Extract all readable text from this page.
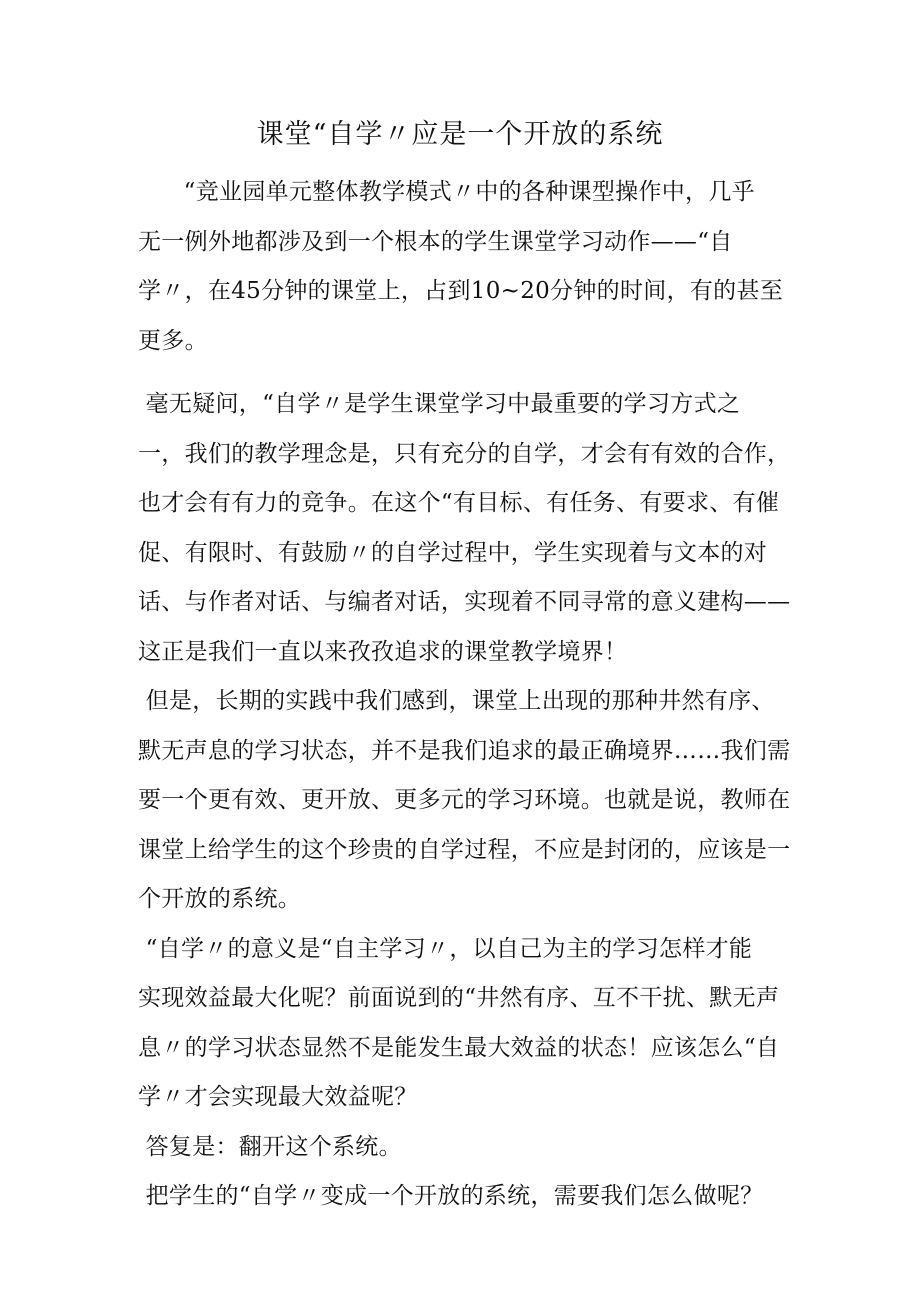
课堂“自学〃应是一个开放的系统
“竞业园单元整体教学模式〃中的各种课型操作中，几乎
无一例外地都涉及到一个根本的学生课堂学习动作——“自
学〃，在45分钟的课堂上，占到10~20分钟的时间，有的甚至
更多。
毫无疑问，“自学〃是学生课堂学习中最重要的学习方式之
一，我们的教学理念是，只有充分的自学，才会有有效的合作，
也才会有有力的竞争。在这个“有目标、有任务、有要求、有催
促、有限时、有鼓励〃的自学过程中，学生实现着与文本的对
话、与作者对话、与编者对话，实现着不同寻常的意义建构——
这正是我们一直以来孜孜追求的课堂教学境界！
但是，长期的实践中我们感到，课堂上出现的那种井然有序、
默无声息的学习状态，并不是我们追求的最正确境界……我们需
要一个更有效、更开放、更多元的学习环境。也就是说，教师在
课堂上给学生的这个珍贵的自学过程，不应是封闭的，应该是一
个开放的系统。
“自学〃的意义是“自主学习〃，以自己为主的学习怎样才能
实现效益最大化呢？前面说到的“井然有序、互不干扰、默无声
息〃的学习状态显然不是能发生最大效益的状态！应该怎么“自
学〃才会实现最大效益呢？
答复是：翻开这个系统。
把学生的“自学〃变成一个开放的系统，需要我们怎么做呢？
